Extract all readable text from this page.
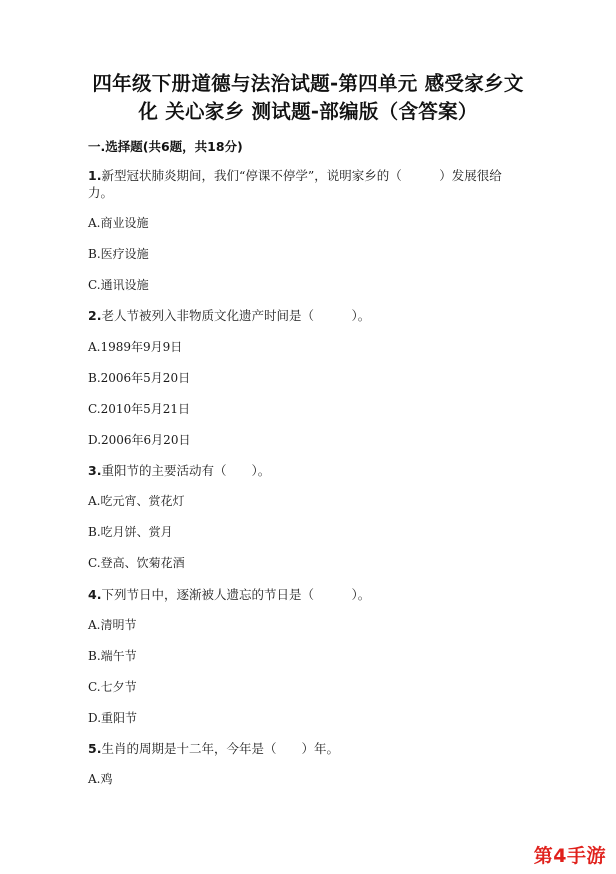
四年级下册道德与法治试题-第四单元 感受家乡文
化 关心家乡 测试题-部编版（含答案）
一.选择题(共6题，共18分)
1.新型冠状肺炎期间，我们“停课不停学”，说明家乡的（　　　）发展很给
力。
A.商业设施
B.医疗设施
C.通讯设施
2.老人节被列入非物质文化遗产时间是（　　　）。
A.1989年9月9日
B.2006年5月20日
C.2010年5月21日
D.2006年6月20日
3.重阳节的主要活动有（　　）。
A.吃元宵、赏花灯
B.吃月饼、赏月
C.登高、饮菊花酒
4.下列节日中，逐渐被人遗忘的节日是（　　　）。
A.清明节
B.端午节
C.七夕节
D.重阳节
5.生肖的周期是十二年，今年是（　　）年。
A.鸡
第4手游
